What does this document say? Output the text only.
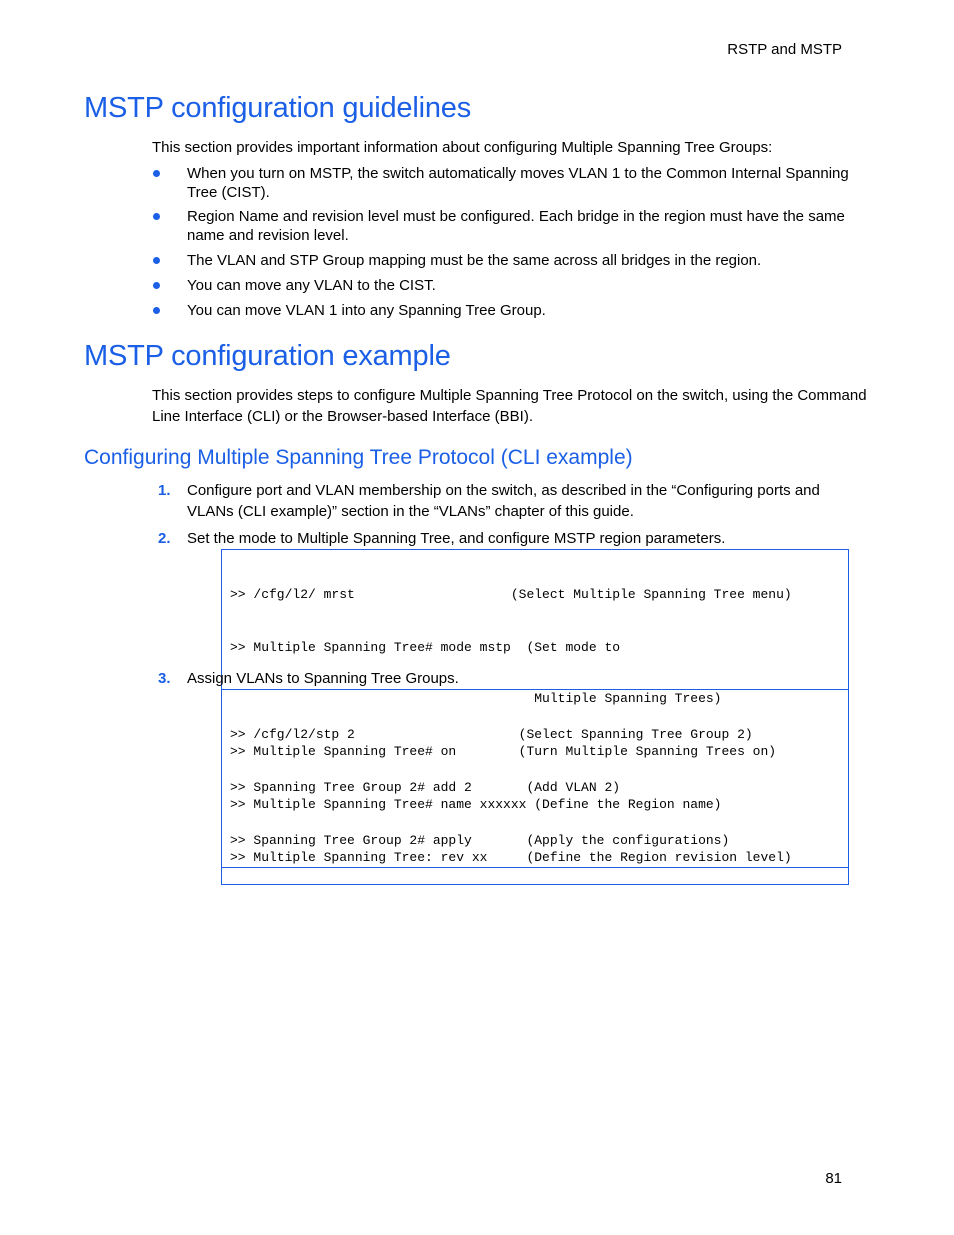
RSTP and MSTP
MSTP configuration guidelines

This section provides important information about configuring Multiple Spanning Tree Groups:

When you turn on MSTP, the switch automatically moves VLAN 1 to the Common Internal Spanning Tree (CIST).
Region Name and revision level must be configured. Each bridge in the region must have the same name and revision level.
The VLAN and STP Group mapping must be the same across all bridges in the region.
You can move any VLAN to the CIST.
You can move VLAN 1 into any Spanning Tree Group.
MSTP configuration example

This section provides steps to configure Multiple Spanning Tree Protocol on the switch, using the Command Line Interface (CLI) or the Browser-based Interface (BBI).

Configuring Multiple Spanning Tree Protocol (CLI example)
1.	Configure port and VLAN membership on the switch, as described in the “Configuring ports and VLANs (CLI example)” section in the “VLANs” chapter of this guide.
2.	Set the mode to Multiple Spanning Tree, and configure MSTP region parameters.

>> /cfg/l2/ mrst                    (Select Multiple Spanning Tree menu)

>> Multiple Spanning Tree# mode mstp  (Set mode to

Multiple Spanning Trees)

>> Multiple Spanning Tree# on        (Turn Multiple Spanning Trees on)

>> Multiple Spanning Tree# name xxxxxx (Define the Region name)

>> Multiple Spanning Tree: rev xx     (Define the Region revision level)

3.	Assign VLANs to Spanning Tree Groups.

>> /cfg/l2/stp 2                     (Select Spanning Tree Group 2)

>> Spanning Tree Group 2# add 2       (Add VLAN 2)

>> Spanning Tree Group 2# apply       (Apply the configurations)

81
